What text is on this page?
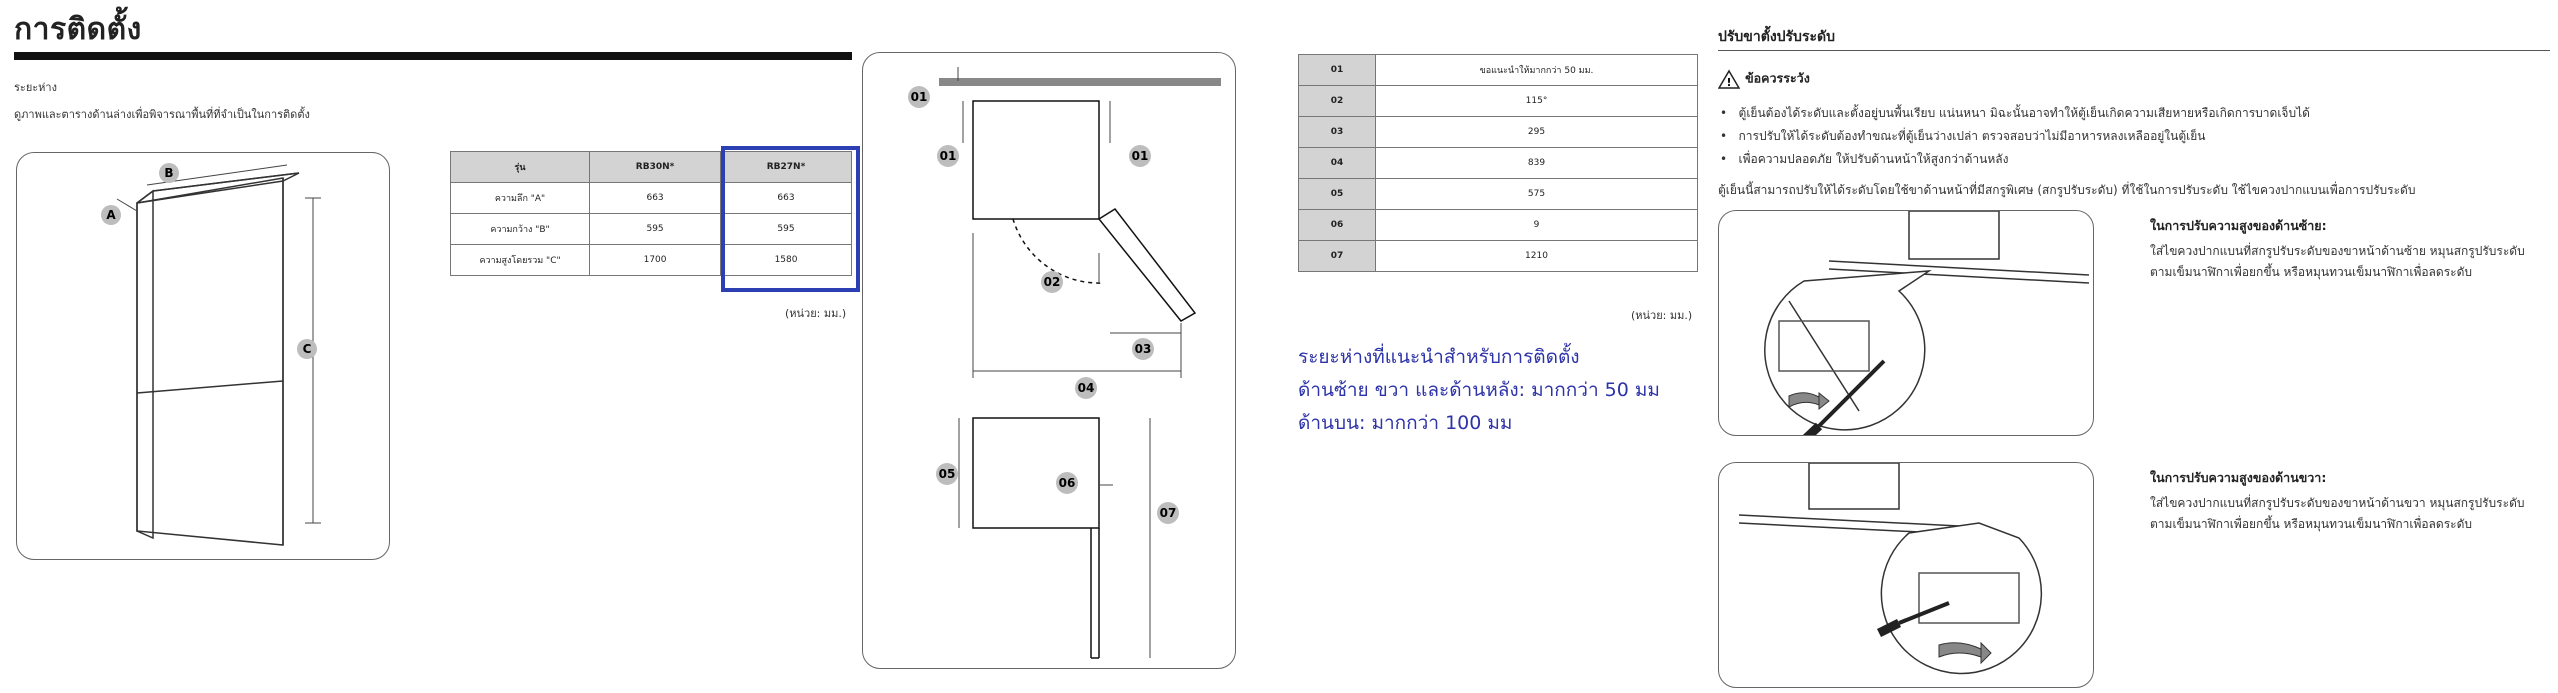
การติดตั้ง
ระยะห่าง
ดูภาพและตารางด้านล่างเพื่อพิจารณาพื้นที่ที่จำเป็นในการติดตั้ง
A
B
C
รุ่น	RB30N*	RB27N*
ความลึก "A"	663	663
ความกว้าง "B"	595	595
ความสูงโดยรวม "C"	1700	1580
(หน่วย: มม.)
01
01	01
02
03
04
05
06
07
01	ขอแนะนำให้มากกว่า 50 มม.
02	115°
03	295
04	839
05	575
06	9
07	1210
(หน่วย: มม.)
ระยะห่างที่แนะนำสำหรับการติดตั้ง
ด้านซ้าย ขวา และด้านหลัง: มากกว่า 50 มม
ด้านบน: มากกว่า 100 มม
ปรับขาตั้งปรับระดับ
! ข้อควรระวัง
•   ตู้เย็นต้องได้ระดับและตั้งอยู่บนพื้นเรียบ แน่นหนา มิฉะนั้นอาจทำให้ตู้เย็นเกิดความเสียหายหรือเกิดการบาดเจ็บได้
•   การปรับให้ได้ระดับต้องทำขณะที่ตู้เย็นว่างเปล่า ตรวจสอบว่าไม่มีอาหารหลงเหลืออยู่ในตู้เย็น
•   เพื่อความปลอดภัย ให้ปรับด้านหน้าให้สูงกว่าด้านหลัง
ตู้เย็นนี้สามารถปรับให้ได้ระดับโดยใช้ขาด้านหน้าที่มีสกรูพิเศษ (สกรูปรับระดับ) ที่ใช้ในการปรับระดับ ใช้ไขควงปากแบนเพื่อการปรับระดับ
ในการปรับความสูงของด้านซ้าย:
ใส่ไขควงปากแบนที่สกรูปรับระดับของขาหน้าด้านซ้าย หมุนสกรูปรับระดับ
ตามเข็มนาฬิกาเพื่อยกขึ้น หรือหมุนทวนเข็มนาฬิกาเพื่อลดระดับ
ในการปรับความสูงของด้านขวา:
ใส่ไขควงปากแบนที่สกรูปรับระดับของขาหน้าด้านขวา หมุนสกรูปรับระดับ
ตามเข็มนาฬิกาเพื่อยกขึ้น หรือหมุนทวนเข็มนาฬิกาเพื่อลดระดับ
